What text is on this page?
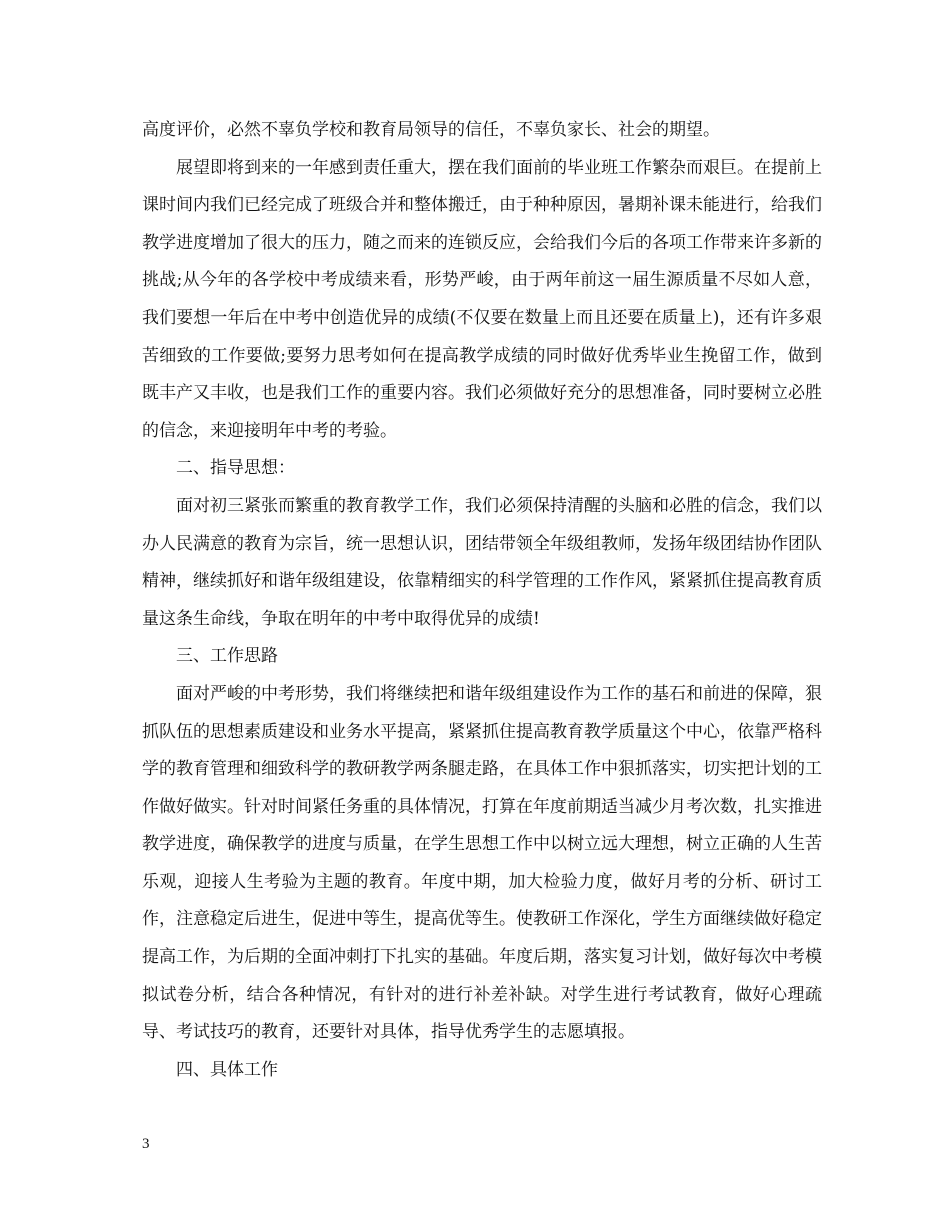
高度评价，必然不辜负学校和教育局领导的信任，不辜负家长、社会的期望。

展望即将到来的一年感到责任重大，摆在我们面前的毕业班工作繁杂而艰巨。在提前上课时间内我们已经完成了班级合并和整体搬迁，由于种种原因，暑期补课未能进行，给我们教学进度增加了很大的压力，随之而来的连锁反应，会给我们今后的各项工作带来许多新的挑战;从今年的各学校中考成绩来看，形势严峻，由于两年前这一届生源质量不尽如人意，我们要想一年后在中考中创造优异的成绩(不仅要在数量上而且还要在质量上)，还有许多艰苦细致的工作要做;要努力思考如何在提高教学成绩的同时做好优秀毕业生挽留工作，做到既丰产又丰收，也是我们工作的重要内容。我们必须做好充分的思想准备，同时要树立必胜的信念，来迎接明年中考的考验。

二、指导思想：

面对初三紧张而繁重的教育教学工作，我们必须保持清醒的头脑和必胜的信念，我们以办人民满意的教育为宗旨，统一思想认识，团结带领全年级组教师，发扬年级团结协作团队精神，继续抓好和谐年级组建设，依靠精细实的科学管理的工作作风，紧紧抓住提高教育质量这条生命线，争取在明年的中考中取得优异的成绩!

三、工作思路

面对严峻的中考形势，我们将继续把和谐年级组建设作为工作的基石和前进的保障，狠抓队伍的思想素质建设和业务水平提高，紧紧抓住提高教育教学质量这个中心，依靠严格科学的教育管理和细致科学的教研教学两条腿走路，在具体工作中狠抓落实，切实把计划的工作做好做实。针对时间紧任务重的具体情况，打算在年度前期适当减少月考次数，扎实推进教学进度，确保教学的进度与质量，在学生思想工作中以树立远大理想，树立正确的人生苦乐观，迎接人生考验为主题的教育。年度中期，加大检验力度，做好月考的分析、研讨工作，注意稳定后进生，促进中等生，提高优等生。使教研工作深化，学生方面继续做好稳定提高工作，为后期的全面冲刺打下扎实的基础。年度后期，落实复习计划，做好每次中考模拟试卷分析，结合各种情况，有针对的进行补差补缺。对学生进行考试教育，做好心理疏导、考试技巧的教育，还要针对具体，指导优秀学生的志愿填报。

四、具体工作

3
